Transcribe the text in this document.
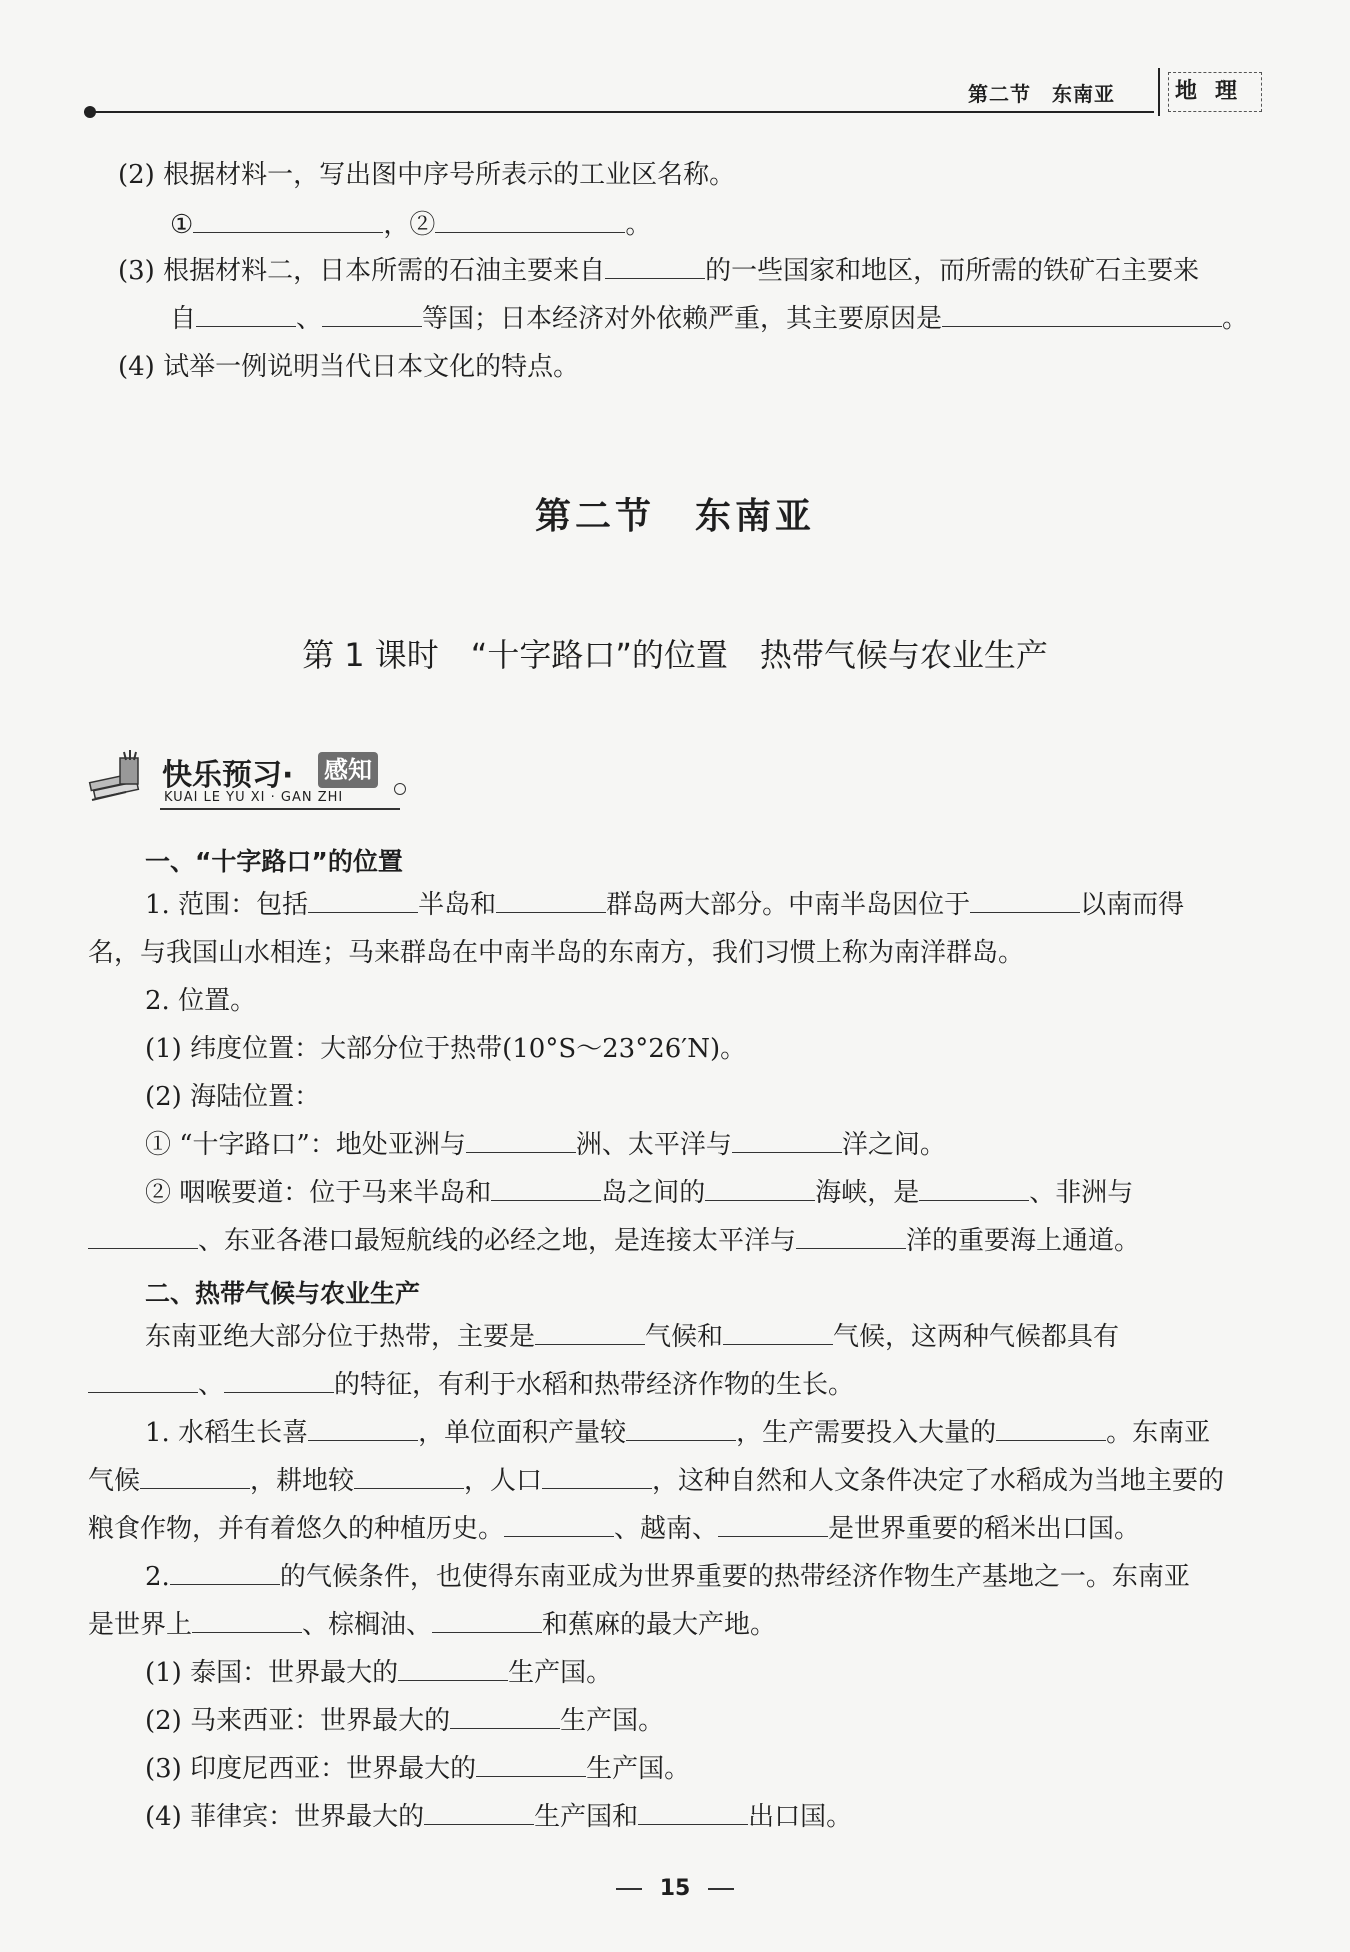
第二节　东南亚	地理
(2) 根据材料一，写出图中序号所表示的工业区名称。
①	，②	。
(3) 根据材料二，日本所需的石油主要来自	的一些国家和地区，而所需的铁矿石主要来
自	、	等国；日本经济对外依赖严重，其主要原因是	。
(4) 试举一例说明当代日本文化的特点。
第二节　东南亚
第 1 课时　“十字路口”的位置　热带气候与农业生产
快乐预习· 感知
KUAI LE YU XI · GAN ZHI
一、“十字路口”的位置
1. 范围：包括	半岛和	群岛两大部分。中南半岛因位于	以南而得
名，与我国山水相连；马来群岛在中南半岛的东南方，我们习惯上称为南洋群岛。
2. 位置。
(1) 纬度位置：大部分位于热带(10°S～23°26′N)。
(2) 海陆位置：
① “十字路口”：地处亚洲与	洲、太平洋与	洋之间。
② 咽喉要道：位于马来半岛和	岛之间的	海峡，是	、非洲与
、东亚各港口最短航线的必经之地，是连接太平洋与	洋的重要海上通道。
二、热带气候与农业生产
东南亚绝大部分位于热带，主要是	气候和	气候，这两种气候都具有
、	的特征，有利于水稻和热带经济作物的生长。
1. 水稻生长喜	，单位面积产量较	，生产需要投入大量的	。东南亚
气候	，耕地较	，人口	，这种自然和人文条件决定了水稻成为当地主要的
粮食作物，并有着悠久的种植历史。	、越南、	是世界重要的稻米出口国。
2.	的气候条件，也使得东南亚成为世界重要的热带经济作物生产基地之一。东南亚
是世界上	、棕榈油、	和蕉麻的最大产地。
(1) 泰国：世界最大的	生产国。
(2) 马来西亚：世界最大的	生产国。
(3) 印度尼西亚：世界最大的	生产国。
(4) 菲律宾：世界最大的	生产国和	出口国。
15
